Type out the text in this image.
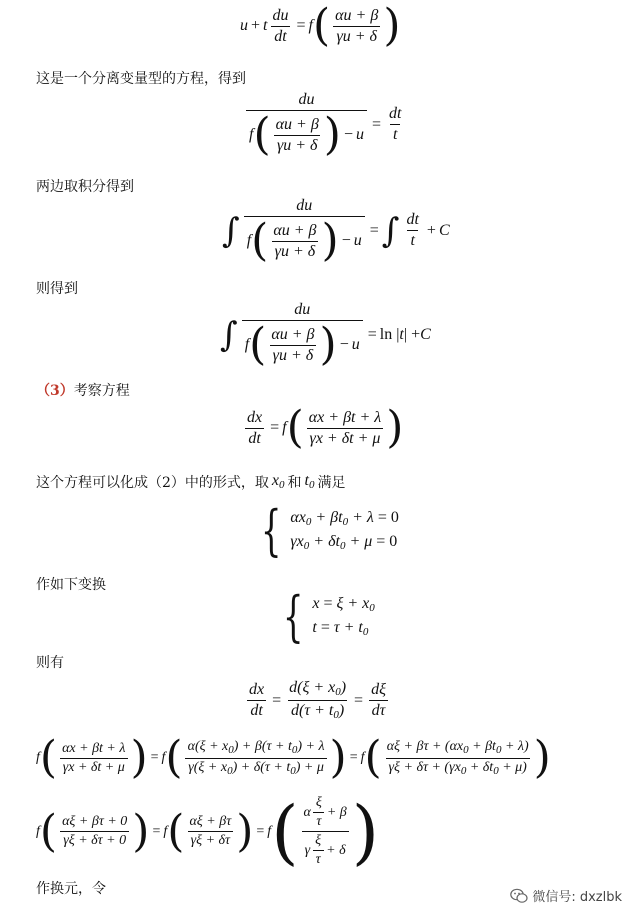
u + t $\frac{du}{dt} = f$ ( $\frac{\alpha u + \beta}{\gamma u + \delta}$
)
这是一个分离变量型的方程，得到
du
f ( $\frac{\alpha u + \beta}{\gamma u + \delta}$
) − $u = \frac{dt}{t}$
两边取积分得到
∫ du
f ( $\frac{\alpha u + \beta}{\gamma u + \delta}$
) − u = ∫ $\frac{dt}{t} + C$
则得到
∫ du
f ( $\frac{\alpha u + \beta}{\gamma u + \delta}$
) − u = ln | t | + C
（3）考察方程
$\frac{dx}{dt} = f$ ( $\frac{\alpha x + \beta t + \lambda}{\gamma x + \delta t + \mu}$
)
这个方程可以化成（2）中的形式，取 $x_0$ 和 $t_0$ 满足
{ $\alpha x_0 + \beta t_0 + \lambda = 0$
$\gamma x_0 + \delta t_0 + \mu = 0$
作如下变换	{ $x = \xi + x_0$
$t = \tau + t_0$
则有
$\frac{dx}{dt} = \frac{d(\xi + x_0)}{d(\tau + t_0)} = \frac{d\xi}{d\tau}$
f ( $\frac{\alpha x + \beta t + \lambda}{\gamma x + \delta t + \mu}$
) = f ( $\frac{\alpha(\xi + x_0) + \beta(\tau + t_0) + \lambda}{\gamma(\xi + x_0) + \delta(\tau + t_0) + \mu}$
) = f ( $\frac{\alpha\xi + \beta\tau + (\alpha x_0 + \beta t_0 + \lambda)}{\gamma\xi + \delta\tau + (\gamma x_0 + \delta t_0 + \mu)}$
)
f ( $\frac{\alpha\xi + \beta\tau + 0}{\gamma\xi + \delta\tau + 0}$
) = f ( $\frac{\alpha\xi + \beta\tau}{\gamma\xi + \delta\tau}$
) = f ( $\frac{\alpha \frac{\xi}{\tau} + \beta}{\gamma \frac{\xi}{\tau} + \delta}$
)
作换元，令
微信号: dxzlbk
